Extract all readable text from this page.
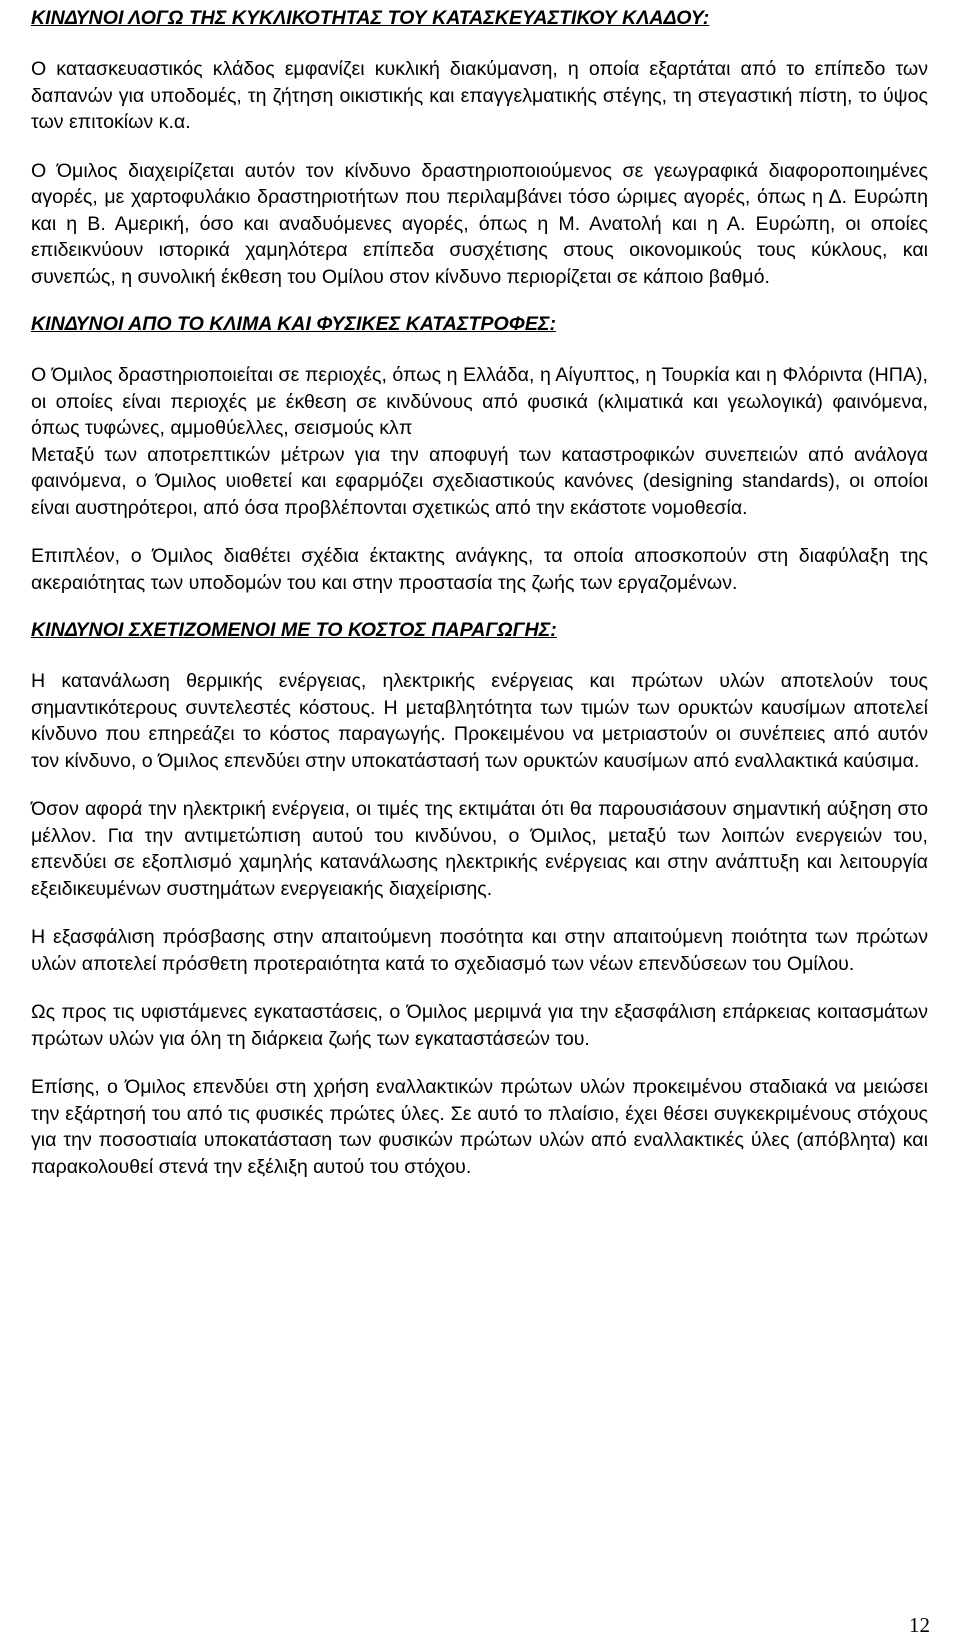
ΚΙΝΔΥΝΟΙ ΛΟΓΩ ΤΗΣ ΚΥΚΛΙΚΟΤΗΤΑΣ ΤΟΥ ΚΑΤΑΣΚΕΥΑΣΤΙΚΟΥ ΚΛΑΔΟΥ:

Ο κατασκευαστικός κλάδος εμφανίζει κυκλική διακύμανση, η οποία εξαρτάται από το επίπεδο των δαπανών για υποδομές, τη ζήτηση οικιστικής και επαγγελματικής στέγης, τη στεγαστική πίστη, το ύψος των επιτοκίων κ.α.

Ο Όμιλος διαχειρίζεται αυτόν τον κίνδυνο δραστηριοποιούμενος σε γεωγραφικά διαφοροποιημένες αγορές, με χαρτοφυλάκιο δραστηριοτήτων που περιλαμβάνει τόσο ώριμες αγορές, όπως η Δ. Ευρώπη και η Β. Αμερική, όσο και αναδυόμενες αγορές, όπως η Μ. Ανατολή και η Α. Ευρώπη, οι οποίες επιδεικνύουν ιστορικά χαμηλότερα επίπεδα συσχέτισης στους οικονομικούς τους κύκλους, και συνεπώς, η συνολική έκθεση του Ομίλου στον κίνδυνο περιορίζεται σε κάποιο βαθμό.

ΚΙΝΔΥΝΟΙ ΑΠΟ ΤΟ ΚΛΙΜΑ ΚΑΙ ΦΥΣΙΚΕΣ ΚΑΤΑΣΤΡΟΦΕΣ:

Ο Όμιλος δραστηριοποιείται σε περιοχές, όπως η Ελλάδα, η Αίγυπτος, η Τουρκία και η Φλόριντα (ΗΠΑ), οι οποίες είναι περιοχές με έκθεση σε κινδύνους από φυσικά (κλιματικά και γεωλογικά) φαινόμενα, όπως τυφώνες, αμμοθύελλες, σεισμούς κλπ

Μεταξύ των αποτρεπτικών μέτρων για την αποφυγή των καταστροφικών συνεπειών από ανάλογα φαινόμενα, ο Όμιλος υιοθετεί και εφαρμόζει σχεδιαστικούς κανόνες (designing standards), οι οποίοι είναι αυστηρότεροι, από όσα προβλέπονται σχετικώς από την εκάστοτε νομοθεσία.

Επιπλέον, ο Όμιλος διαθέτει σχέδια έκτακτης ανάγκης, τα οποία αποσκοπούν στη διαφύλαξη της ακεραιότητας των υποδομών του και στην προστασία της ζωής των εργαζομένων.

ΚΙΝΔΥΝΟΙ ΣΧΕΤΙΖΟΜΕΝΟΙ ΜΕ ΤΟ ΚΟΣΤΟΣ ΠΑΡΑΓΩΓΗΣ:

Η κατανάλωση θερμικής ενέργειας, ηλεκτρικής ενέργειας και πρώτων υλών αποτελούν τους σημαντικότερους συντελεστές κόστους. Η μεταβλητότητα των τιμών των ορυκτών καυσίμων αποτελεί κίνδυνο που επηρεάζει το κόστος παραγωγής. Προκειμένου να μετριαστούν οι συνέπειες από αυτόν τον κίνδυνο, ο Όμιλος επενδύει στην υποκατάστασή των ορυκτών καυσίμων από εναλλακτικά καύσιμα.

Όσον αφορά την ηλεκτρική ενέργεια, οι τιμές της εκτιμάται ότι θα παρουσιάσουν σημαντική αύξηση στο μέλλον. Για την αντιμετώπιση αυτού του κινδύνου, ο Όμιλος, μεταξύ των λοιπών ενεργειών του, επενδύει σε εξοπλισμό χαμηλής κατανάλωσης ηλεκτρικής ενέργειας και στην ανάπτυξη και λειτουργία εξειδικευμένων συστημάτων ενεργειακής διαχείρισης.

Η εξασφάλιση πρόσβασης στην απαιτούμενη ποσότητα και στην απαιτούμενη ποιότητα των πρώτων υλών αποτελεί πρόσθετη προτεραιότητα κατά το σχεδιασμό των νέων επενδύσεων του Ομίλου.

Ως προς τις υφιστάμενες εγκαταστάσεις, ο Όμιλος μεριμνά για την εξασφάλιση επάρκειας κοιτασμάτων πρώτων υλών για όλη τη διάρκεια ζωής των εγκαταστάσεών του.

Επίσης, ο Όμιλος επενδύει στη χρήση εναλλακτικών πρώτων υλών προκειμένου σταδιακά να μειώσει την εξάρτησή του από τις φυσικές πρώτες ύλες. Σε αυτό το πλαίσιο, έχει θέσει συγκεκριμένους στόχους για την ποσοστιαία υποκατάσταση των φυσικών πρώτων υλών από εναλλακτικές ύλες (απόβλητα) και παρακολουθεί στενά την εξέλιξη αυτού του στόχου.

12
